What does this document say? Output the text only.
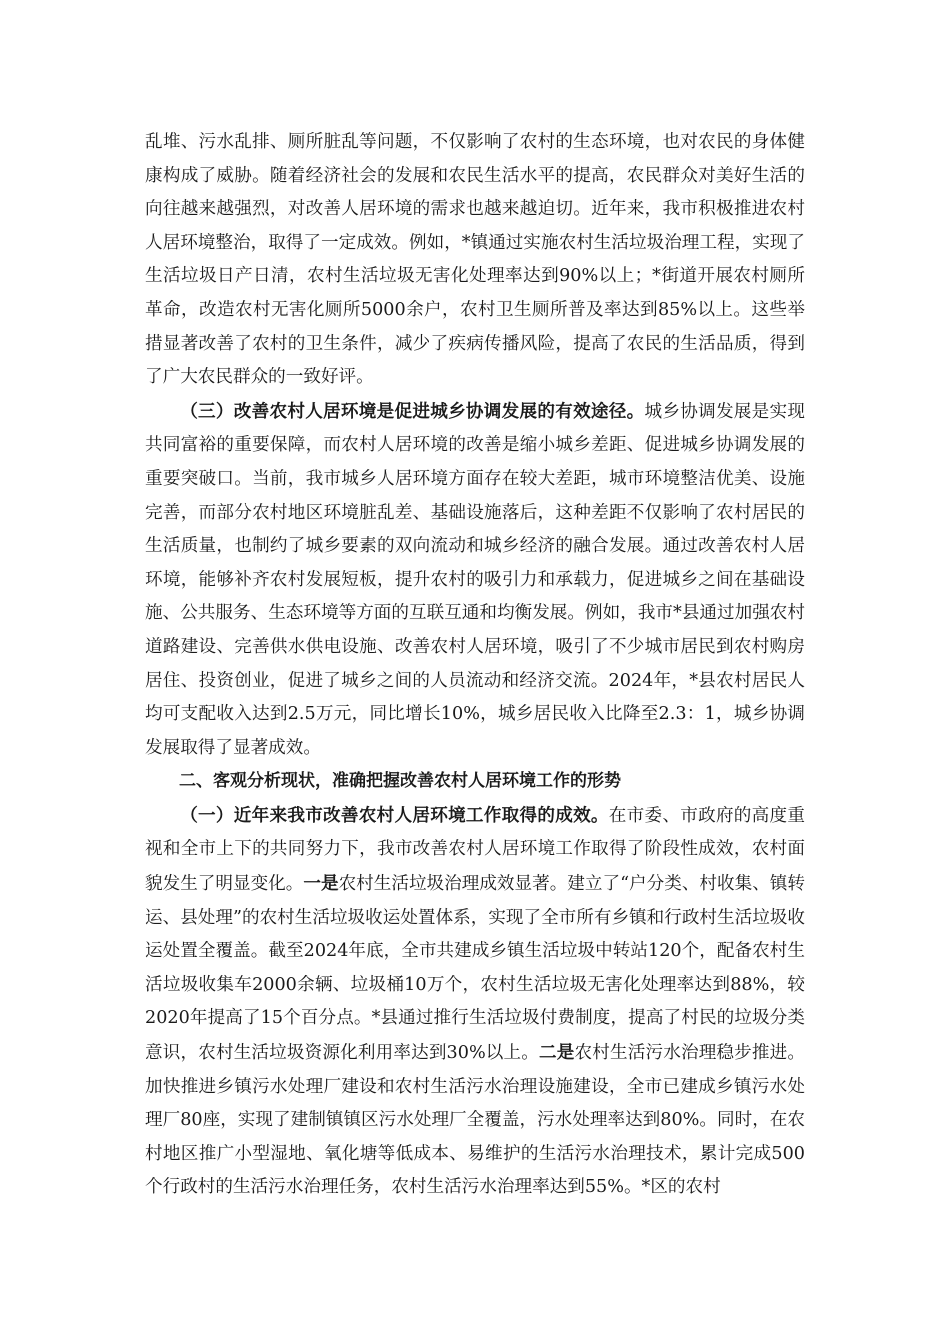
乱堆、污水乱排、厕所脏乱等问题，不仅影响了农村的生态环境，也对农民的身体健康构成了威胁。随着经济社会的发展和农民生活水平的提高，农民群众对美好生活的向往越来越强烈，对改善人居环境的需求也越来越迫切。近年来，我市积极推进农村人居环境整治，取得了一定成效。例如，*镇通过实施农村生活垃圾治理工程，实现了生活垃圾日产日清，农村生活垃圾无害化处理率达到90%以上；*街道开展农村厕所革命，改造农村无害化厕所5000余户，农村卫生厕所普及率达到85%以上。这些举措显著改善了农村的卫生条件，减少了疾病传播风险，提高了农民的生活品质，得到了广大农民群众的一致好评。

（三）改善农村人居环境是促进城乡协调发展的有效途径。城乡协调发展是实现共同富裕的重要保障，而农村人居环境的改善是缩小城乡差距、促进城乡协调发展的重要突破口。当前，我市城乡人居环境方面存在较大差距，城市环境整洁优美、设施完善，而部分农村地区环境脏乱差、基础设施落后，这种差距不仅影响了农村居民的生活质量，也制约了城乡要素的双向流动和城乡经济的融合发展。通过改善农村人居环境，能够补齐农村发展短板，提升农村的吸引力和承载力，促进城乡之间在基础设施、公共服务、生态环境等方面的互联互通和均衡发展。例如，我市*县通过加强农村道路建设、完善供水供电设施、改善农村人居环境，吸引了不少城市居民到农村购房居住、投资创业，促进了城乡之间的人员流动和经济交流。2024年，*县农村居民人均可支配收入达到2.5万元，同比增长10%，城乡居民收入比降至2.3：1，城乡协调发展取得了显著成效。

二、客观分析现状，准确把握改善农村人居环境工作的形势

（一）近年来我市改善农村人居环境工作取得的成效。在市委、市政府的高度重视和全市上下的共同努力下，我市改善农村人居环境工作取得了阶段性成效，农村面貌发生了明显变化。一是农村生活垃圾治理成效显著。建立了“户分类、村收集、镇转运、县处理”的农村生活垃圾收运处置体系，实现了全市所有乡镇和行政村生活垃圾收运处置全覆盖。截至2024年底，全市共建成乡镇生活垃圾中转站120个，配备农村生活垃圾收集车2000余辆、垃圾桶10万个，农村生活垃圾无害化处理率达到88%，较2020年提高了15个百分点。*县通过推行生活垃圾付费制度，提高了村民的垃圾分类意识，农村生活垃圾资源化利用率达到30%以上。二是农村生活污水治理稳步推进。加快推进乡镇污水处理厂建设和农村生活污水治理设施建设，全市已建成乡镇污水处理厂80座，实现了建制镇镇区污水处理厂全覆盖，污水处理率达到80%。同时，在农村地区推广小型湿地、氧化塘等低成本、易维护的生活污水治理技术，累计完成500个行政村的生活污水治理任务，农村生活污水治理率达到55%。*区的农村
